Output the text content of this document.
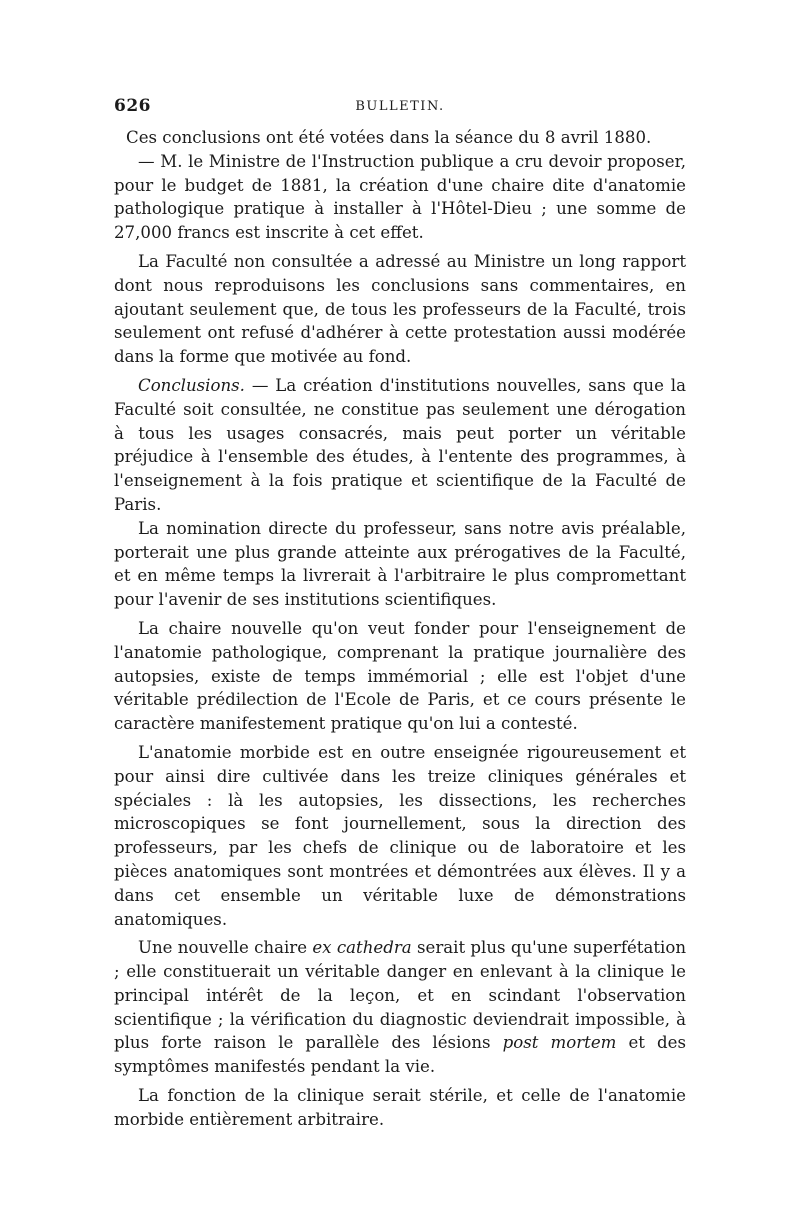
626	BULLETIN.

Ces conclusions ont été votées dans la séance du 8 avril 1880.

— M. le Ministre de l'Instruction publique a cru devoir proposer, pour le budget de 1881, la création d'une chaire dite d'anatomie pathologique pratique à installer à l'Hôtel-Dieu ; une somme de 27,000 francs est inscrite à cet effet.

La Faculté non consultée a adressé au Ministre un long rapport dont nous reproduisons les conclusions sans commentaires, en ajoutant seulement que, de tous les professeurs de la Faculté, trois seulement ont refusé d'adhérer à cette protestation aussi modérée dans la forme que motivée au fond.

Conclusions. — La création d'institutions nouvelles, sans que la Faculté soit consultée, ne constitue pas seulement une dérogation à tous les usages consacrés, mais peut porter un véritable préjudice à l'ensemble des études, à l'entente des programmes, à l'enseignement à la fois pratique et scientifique de la Faculté de Paris.

La nomination directe du professeur, sans notre avis préalable, porterait une plus grande atteinte aux prérogatives de la Faculté, et en même temps la livrerait à l'arbitraire le plus compromettant pour l'avenir de ses institutions scientifiques.

La chaire nouvelle qu'on veut fonder pour l'enseignement de l'anatomie pathologique, comprenant la pratique journalière des autopsies, existe de temps immémorial ; elle est l'objet d'une véritable prédilection de l'Ecole de Paris, et ce cours présente le caractère manifestement pratique qu'on lui a contesté.

L'anatomie morbide est en outre enseignée rigoureusement et pour ainsi dire cultivée dans les treize cliniques générales et spéciales : là les autopsies, les dissections, les recherches microscopiques se font journellement, sous la direction des professeurs, par les chefs de clinique ou de laboratoire et les pièces anatomiques sont montrées et démontrées aux élèves. Il y a dans cet ensemble un véritable luxe de démonstrations anatomiques.

Une nouvelle chaire ex cathedra serait plus qu'une superfétation ; elle constituerait un véritable danger en enlevant à la clinique le principal intérêt de la leçon, et en scindant l'observation scientifique ; la vérification du diagnostic deviendrait impossible, à plus forte raison le parallèle des lésions post mortem et des symptômes manifestés pendant la vie.

La fonction de la clinique serait stérile, et celle de l'anatomie morbide entièrement arbitraire.
